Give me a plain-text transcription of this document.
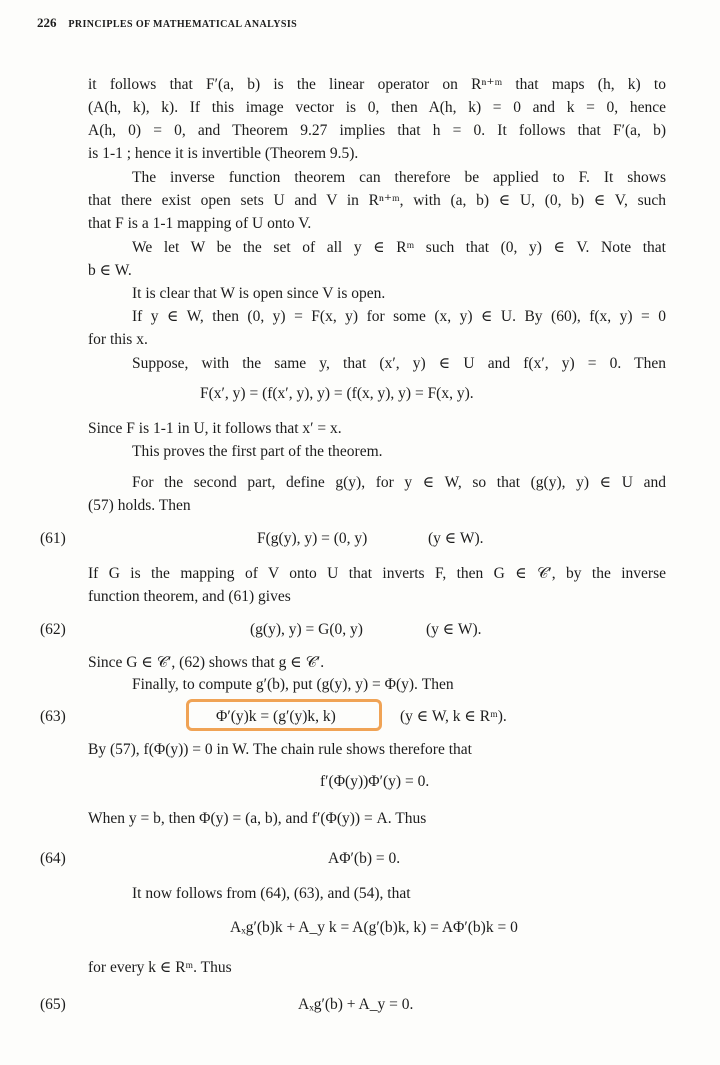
226 PRINCIPLES OF MATHEMATICAL ANALYSIS
it follows that F′(a, b) is the linear operator on Rⁿ⁺ᵐ that maps (h, k) to
(A(h, k), k). If this image vector is 0, then A(h, k) = 0 and k = 0, hence
A(h, 0) = 0, and Theorem 9.27 implies that h = 0. It follows that F′(a, b)
is 1-1 ; hence it is invertible (Theorem 9.5).
The inverse function theorem can therefore be applied to F. It shows
that there exist open sets U and V in Rⁿ⁺ᵐ, with (a, b) ∈ U, (0, b) ∈ V, such
that F is a 1-1 mapping of U onto V.
We let W be the set of all y ∈ Rᵐ such that (0, y) ∈ V. Note that
b ∈ W.
It is clear that W is open since V is open.
If y ∈ W, then (0, y) = F(x, y) for some (x, y) ∈ U. By (60), f(x, y) = 0
for this x.
Suppose, with the same y, that (x′, y) ∈ U and f(x′, y) = 0. Then
F(x′, y) = (f(x′, y), y) = (f(x, y), y) = F(x, y).
Since F is 1-1 in U, it follows that x′ = x.
This proves the first part of the theorem.
For the second part, define g(y), for y ∈ W, so that (g(y), y) ∈ U and
(57) holds. Then
(61)	F(g(y), y) = (0, y)	(y ∈ W).
If G is the mapping of V onto U that inverts F, then G ∈ 𝒞′, by the inverse
function theorem, and (61) gives
(62)	(g(y), y) = G(0, y)	(y ∈ W).
Since G ∈ 𝒞′, (62) shows that g ∈ 𝒞′.
Finally, to compute g′(b), put (g(y), y) = Φ(y). Then
(63)	Φ′(y)k = (g′(y)k, k)	(y ∈ W, k ∈ Rᵐ).
By (57), f(Φ(y)) = 0 in W. The chain rule shows therefore that
f′(Φ(y))Φ′(y) = 0.
When y = b, then Φ(y) = (a, b), and f′(Φ(y)) = A. Thus
(64)	AΦ′(b) = 0.
It now follows from (64), (63), and (54), that
Aₓg′(b)k + A_y k = A(g′(b)k, k) = AΦ′(b)k = 0
for every k ∈ Rᵐ. Thus
(65)	Aₓg′(b) + A_y = 0.
